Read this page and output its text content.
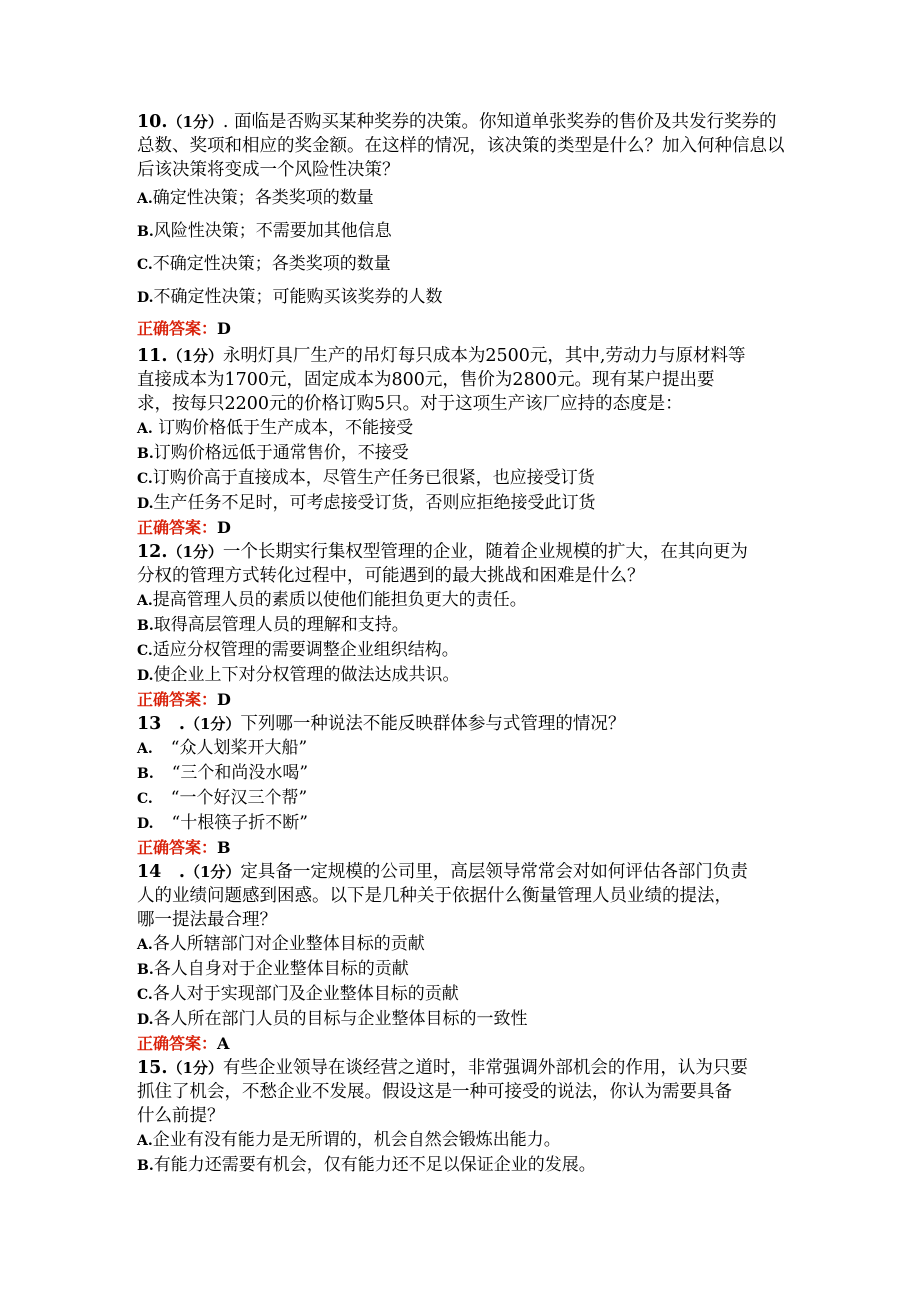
10.（1分）. 面临是否购买某种奖券的决策。你知道单张奖券的售价及共发行奖券的总数、奖项和相应的奖金额。在这样的情况，该决策的类型是什么？加入何种信息以后该决策将变成一个风险性决策？

A.确定性决策；各类奖项的数量

B.风险性决策；不需要加其他信息

C.不确定性决策；各类奖项的数量

D.不确定性决策；可能购买该奖券的人数

正确答案：D

11.（1分）永明灯具厂生产的吊灯每只成本为2500元，其中,劳动力与原材料等
直接成本为1700元，固定成本为800元，售价为2800元。现有某户提出要
求，按每只2200元的价格订购5只。对于这项生产该厂应持的态度是：

A. 订购价格低于生产成本，不能接受

B.订购价格远低于通常售价，不接受

C.订购价高于直接成本，尽管生产任务已很紧，也应接受订货

D.生产任务不足时，可考虑接受订货，否则应拒绝接受此订货

正确答案：D

12.（1分）一个长期实行集权型管理的企业，随着企业规模的扩大，在其向更为
分权的管理方式转化过程中，可能遇到的最大挑战和困难是什么？

A.提高管理人员的素质以使他们能担负更大的责任。

B.取得高层管理人员的理解和支持。

C.适应分权管理的需要调整企业组织结构。

D.使企业上下对分权管理的做法达成共识。

正确答案：D

13　.（1分）下列哪一种说法不能反映群体参与式管理的情况？

A. “众人划桨开大船”

B. “三个和尚没水喝”

C. “一个好汉三个帮”

D. “十根筷子折不断”

正确答案：B

14　.（1分）定具备一定规模的公司里，高层领导常常会对如何评估各部门负责
人的业绩问题感到困惑。以下是几种关于依据什么衡量管理人员业绩的提法，
哪一提法最合理？

A.各人所辖部门对企业整体目标的贡献

B.各人自身对于企业整体目标的贡献

C.各人对于实现部门及企业整体目标的贡献

D.各人所在部门人员的目标与企业整体目标的一致性

正确答案：A

15.（1分）有些企业领导在谈经营之道时，非常强调外部机会的作用，认为只要
抓住了机会，不愁企业不发展。假设这是一种可接受的说法，你认为需要具备
什么前提？

A.企业有没有能力是无所谓的，机会自然会锻炼出能力。

B.有能力还需要有机会，仅有能力还不足以保证企业的发展。
